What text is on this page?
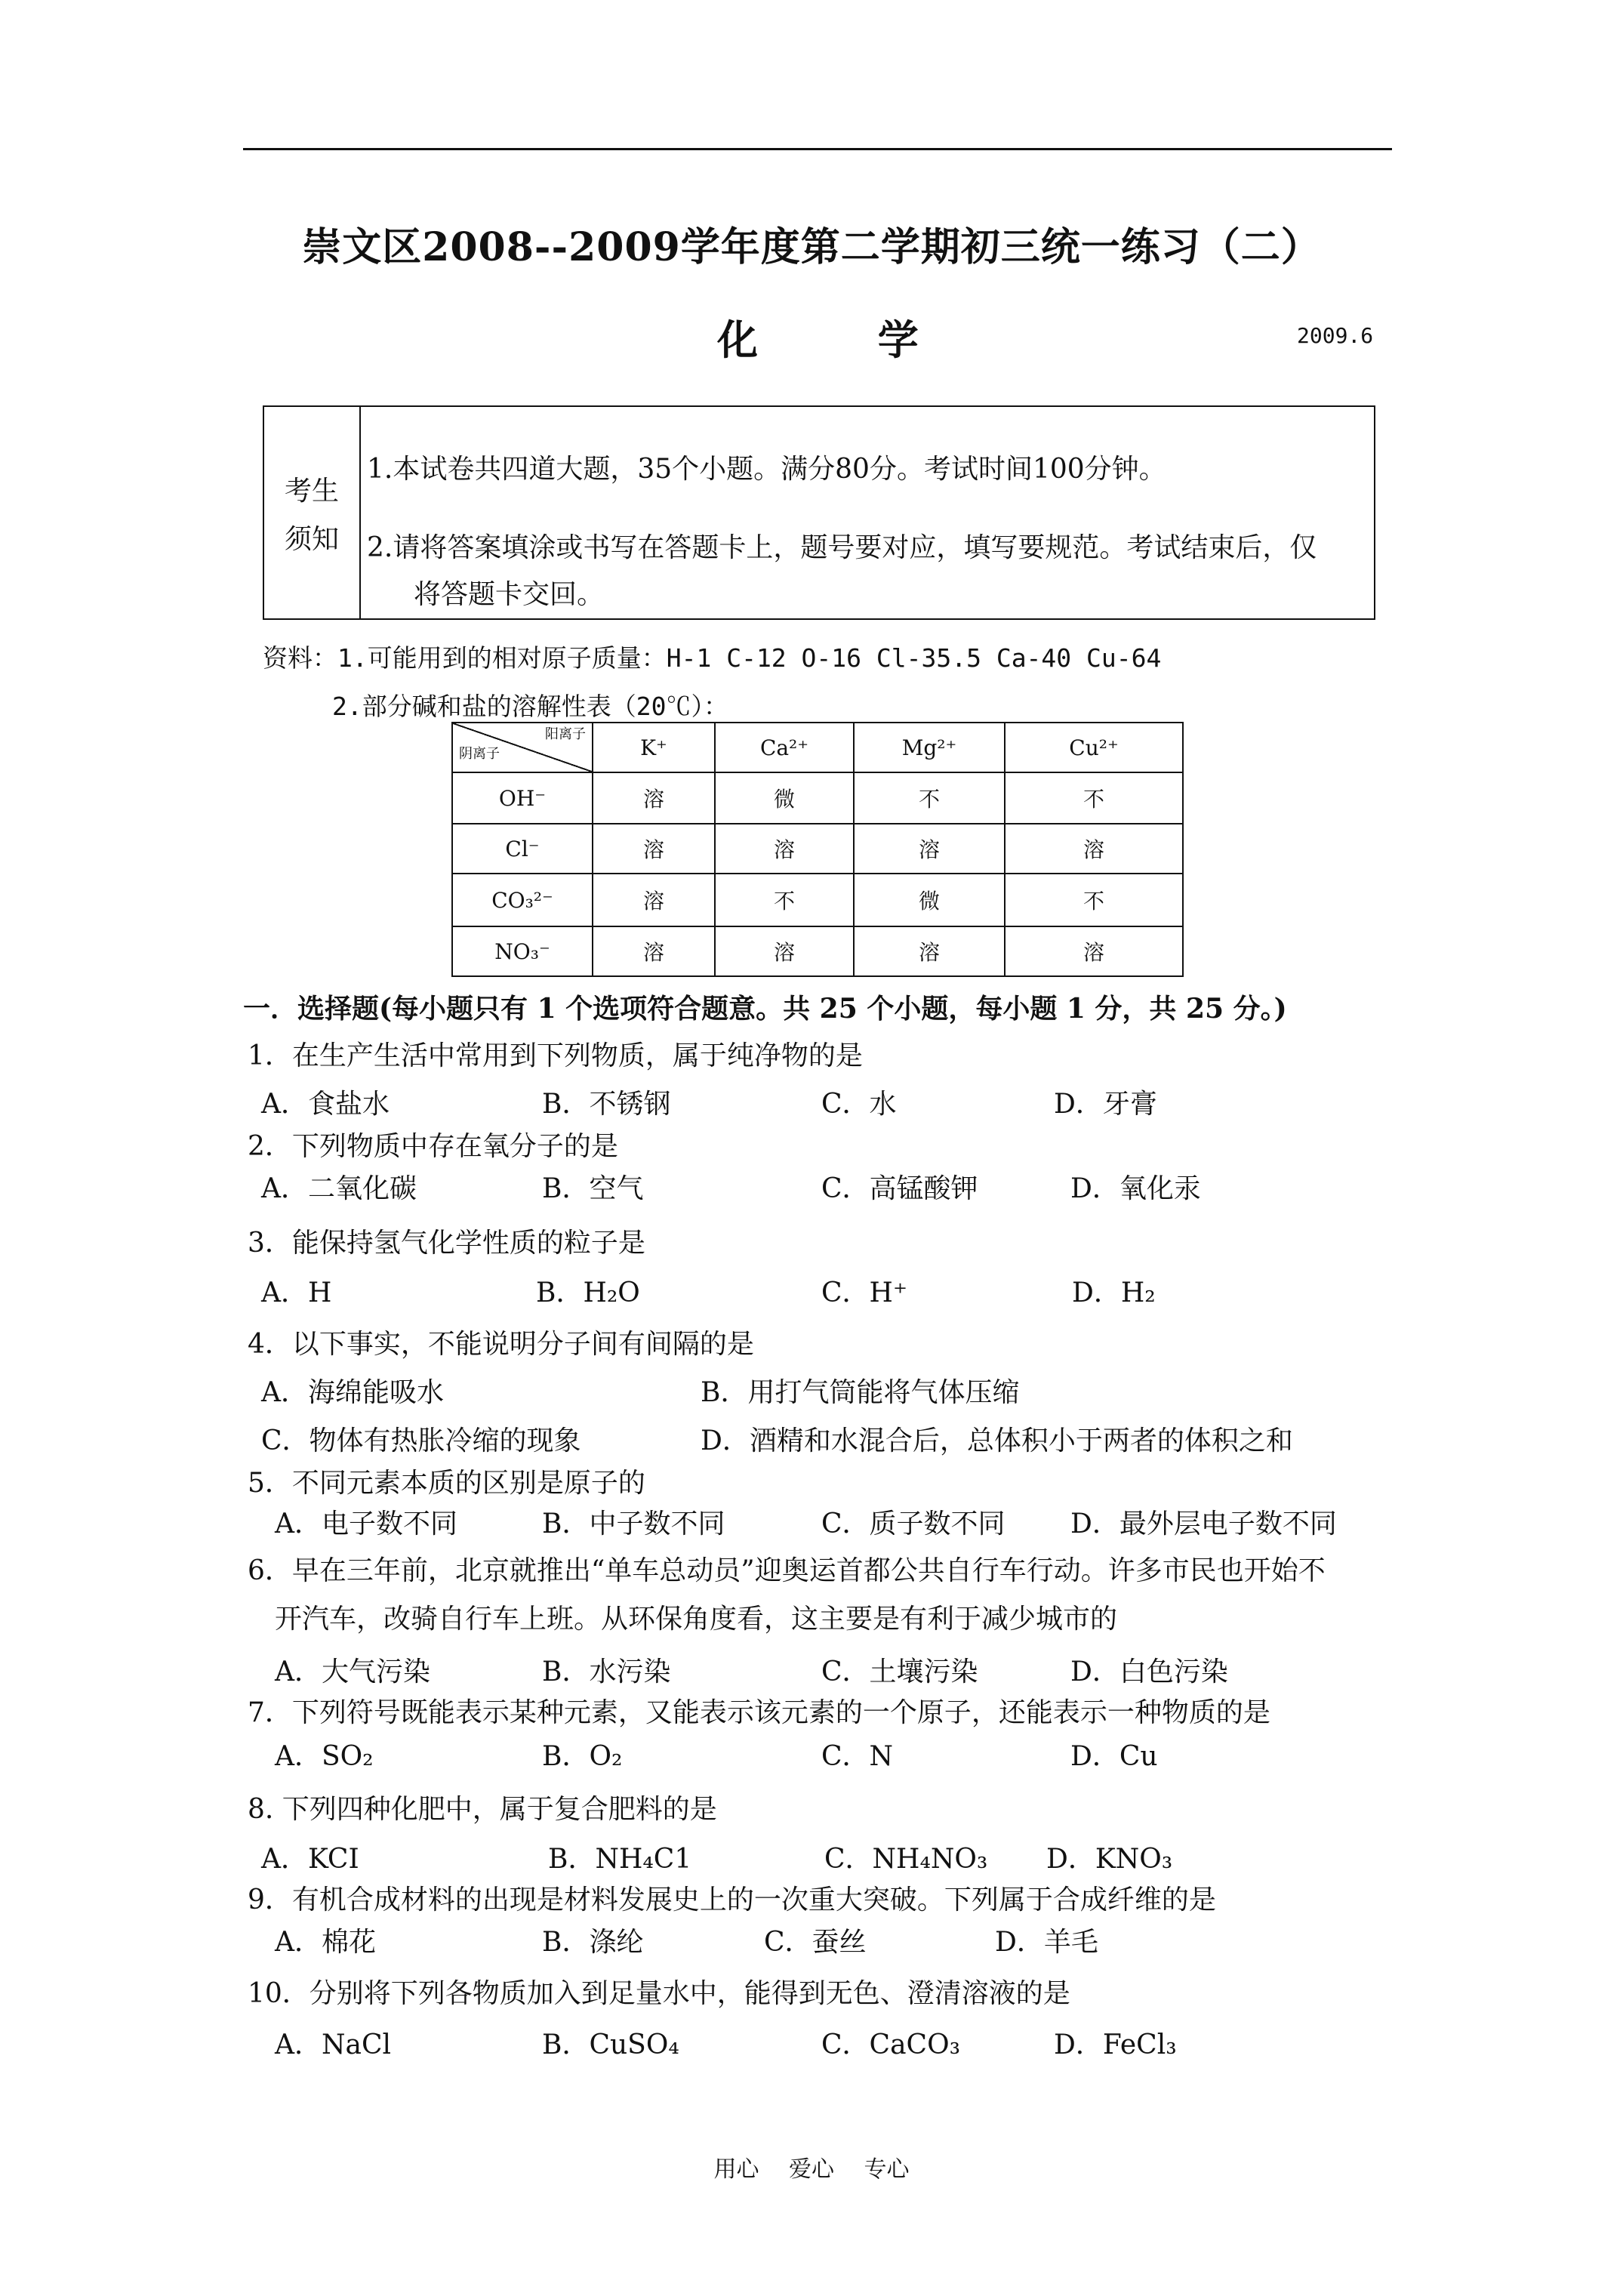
崇文区2008--2009学年度第二学期初三统一练习（二）
化 学	2009.6
考生
须知
1.本试卷共四道大题，35个小题。满分80分。考试时间100分钟。
2.请将答案填涂或书写在答题卡上，题号要对应，填写要规范。考试结束后，仅
将答题卡交回。
资料：1.可能用到的相对原子质量：H-1 C-12 O-16 Cl-35.5 Ca-40 Cu-64
2.部分碱和盐的溶解性表（20℃）：
阳离子
阴离子	K⁺	Ca²⁺	Mg²⁺	Cu²⁺
OH⁻	溶	微	不	不
Cl⁻	溶	溶	溶	溶
CO₃²⁻	溶	不	微	不
NO₃⁻	溶	溶	溶	溶
一．选择题(每小题只有 1 个选项符合题意。共 25 个小题，每小题 1 分，共 25 分。)
1．在生产生活中常用到下列物质，属于纯净物的是
A．食盐水	B．不锈钢	C．水	D．牙膏
2．下列物质中存在氧分子的是
A．二氧化碳	B．空气	C．高锰酸钾	D．氧化汞
3．能保持氢气化学性质的粒子是
A．H	B．H₂O	C．H⁺	D．H₂
4．以下事实，不能说明分子间有间隔的是
A．海绵能吸水	B．用打气筒能将气体压缩
C．物体有热胀冷缩的现象	D．酒精和水混合后，总体积小于两者的体积之和
5．不同元素本质的区别是原子的
A．电子数不同	B．中子数不同	C．质子数不同 D．最外层电子数不同
6．早在三年前，北京就推出“单车总动员”迎奥运首都公共自行车行动。许多市民也开始不
开汽车，改骑自行车上班。从环保角度看，这主要是有利于减少城市的
A．大气污染	B．水污染	C．土壤污染	D．白色污染
7．下列符号既能表示某种元素，又能表示该元素的一个原子，还能表示一种物质的是
A．SO₂	B．O₂	C．N	D．Cu
8. 下列四种化肥中，属于复合肥料的是
A．KCI	B．NH₄C1	C．NH₄NO₃ D．KNO₃
9．有机合成材料的出现是材料发展史上的一次重大突破。下列属于合成纤维的是
A．棉花	B．涤纶	C．蚕丝	D．羊毛
10．分别将下列各物质加入到足量水中，能得到无色、澄清溶液的是
A．NaCl	B．CuSO₄	C．CaCO₃	D．FeCl₃
用心 爱心 专心
